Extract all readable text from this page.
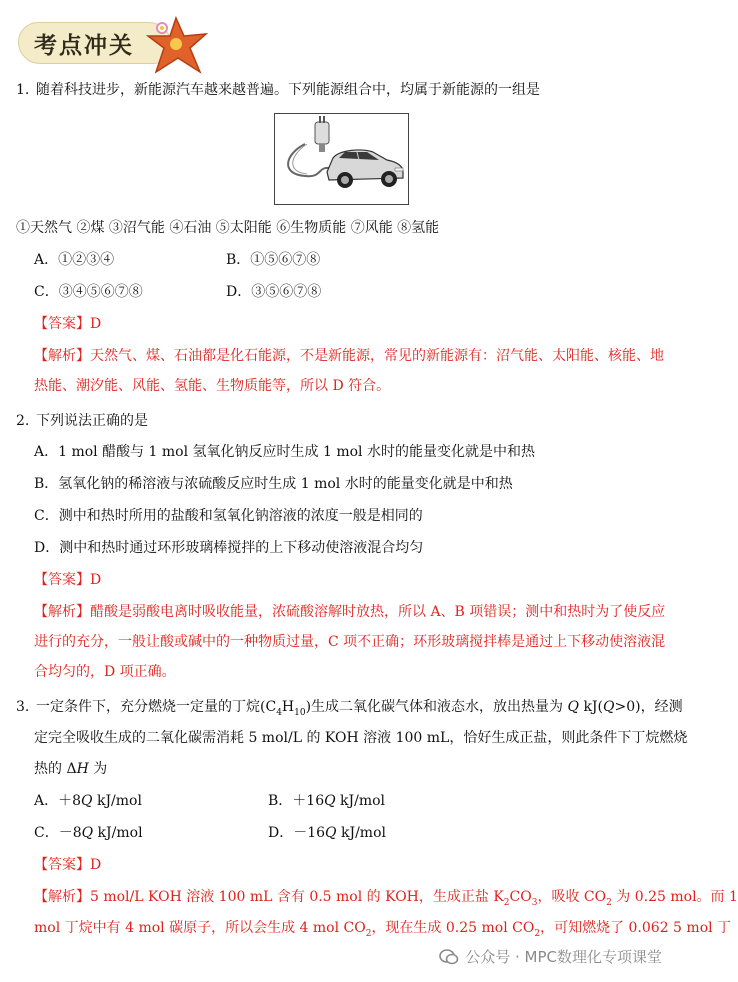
考点冲关
1. 随着科技进步，新能源汽车越来越普遍。下列能源组合中，均属于新能源的一组是
①天然气 ②煤 ③沼气能 ④石油 ⑤太阳能 ⑥生物质能 ⑦风能 ⑧氢能
A．①②③④	B．①⑤⑥⑦⑧
C．③④⑤⑥⑦⑧	D．③⑤⑥⑦⑧
【答案】D
【解析】天然气、煤、石油都是化石能源，不是新能源，常见的新能源有：沼气能、太阳能、核能、地
热能、潮汐能、风能、氢能、生物质能等，所以 D 符合。
2. 下列说法正确的是
A．1 mol 醋酸与 1 mol 氢氧化钠反应时生成 1 mol 水时的能量变化就是中和热
B．氢氧化钠的稀溶液与浓硫酸反应时生成 1 mol 水时的能量变化就是中和热
C．测中和热时所用的盐酸和氢氧化钠溶液的浓度一般是相同的
D．测中和热时通过环形玻璃棒搅拌的上下移动使溶液混合均匀
【答案】D
【解析】醋酸是弱酸电离时吸收能量，浓硫酸溶解时放热，所以 A、B 项错误；测中和热时为了使反应
进行的充分，一般让酸或碱中的一种物质过量，C 项不正确；环形玻璃搅拌棒是通过上下移动使溶液混
合均匀的，D 项正确。
3. 一定条件下，充分燃烧一定量的丁烷$(C_4H_{10})$生成二氧化碳气体和液态水，放出热量为 Q kJ(Q>0)，经测
定完全吸收生成的二氧化碳需消耗 5 mol/L 的 KOH 溶液 100 mL，恰好生成正盐，则此条件下丁烷燃烧
热的 ΔH 为
A．＋8Q kJ/mol	B．＋16Q kJ/mol
C．－8Q kJ/mol	D．－16Q kJ/mol
【答案】D
【解析】5 mol/L KOH 溶液 100 mL 含有 0.5 mol 的 KOH，生成正盐 $K_2CO_3$，吸收 $CO_2$ 为 0.25 mol。而 1
mol 丁烷中有 4 mol 碳原子，所以会生成 4 mol $CO_2$，现在生成 0.25 mol $CO_2$，可知燃烧了 0.062 5 mol 丁
公众号 · MPC数理化专项课堂
